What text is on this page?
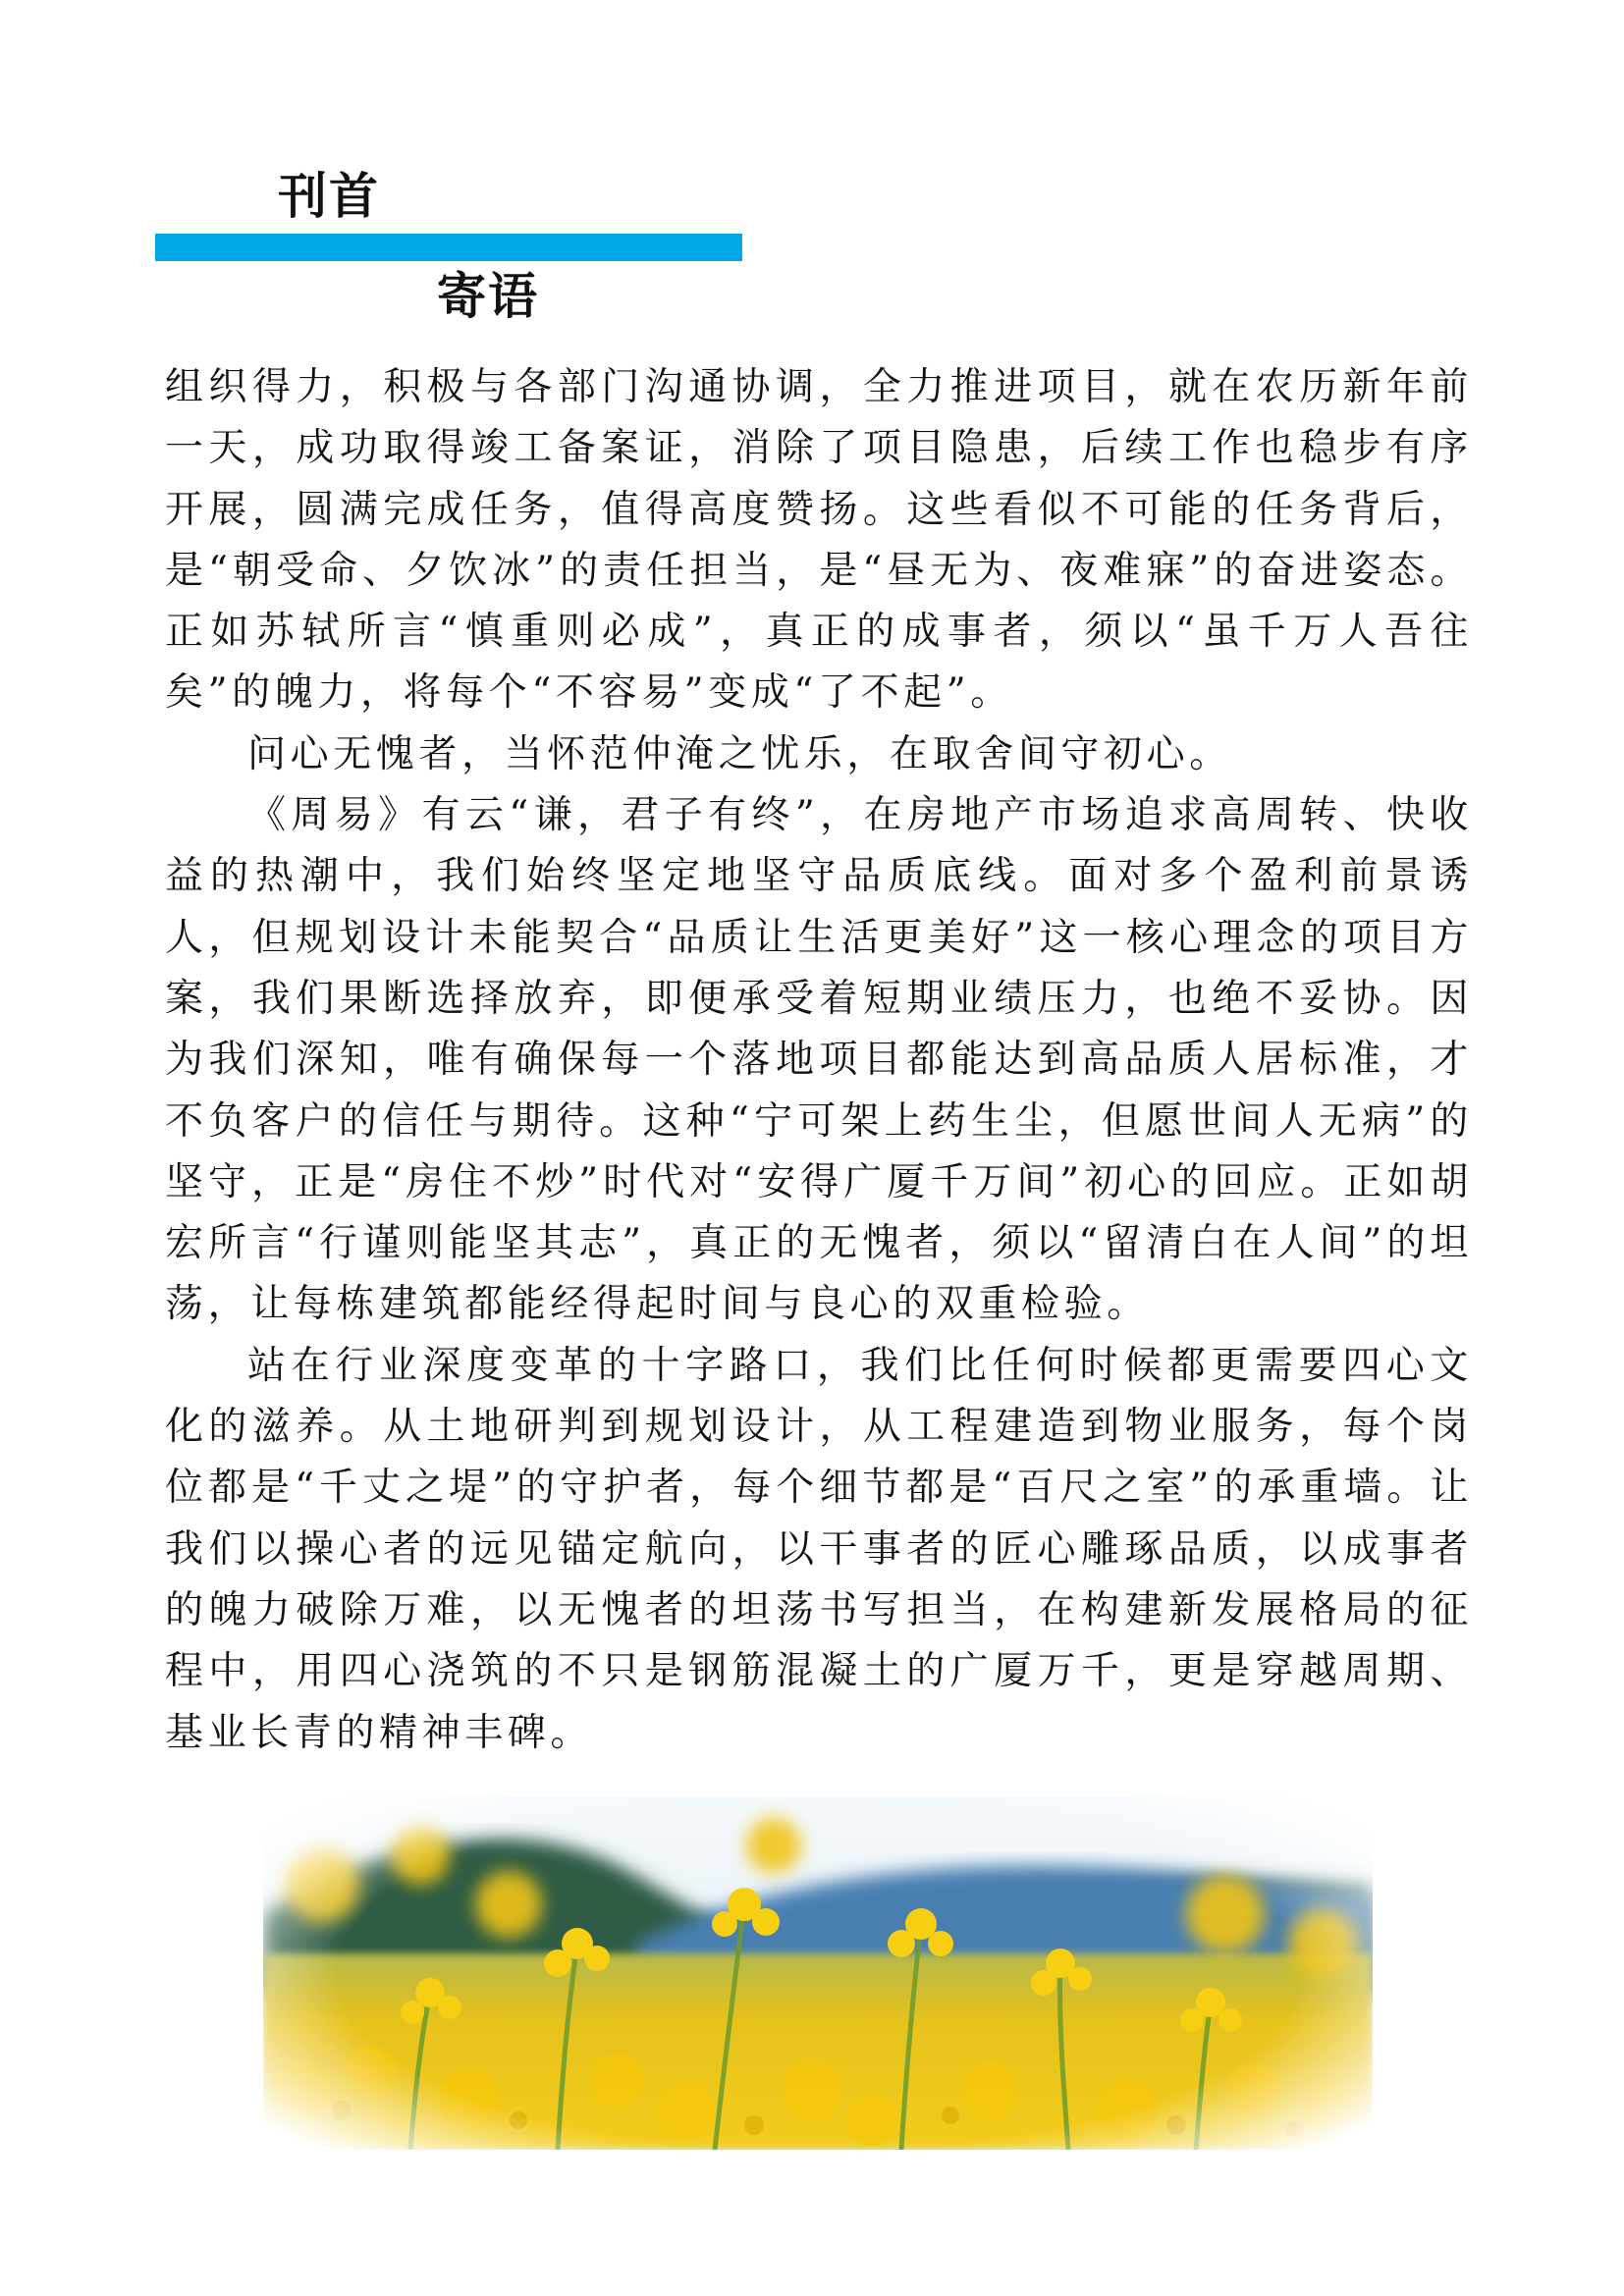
刊首
寄语

组织得力，积极与各部门沟通协调，全力推进项目，就在农历新年前一天，成功取得竣工备案证，消除了项目隐患，后续工作也稳步有序开展，圆满完成任务，值得高度赞扬。这些看似不可能的任务背后，是“朝受命、夕饮冰”的责任担当，是“昼无为、夜难寐”的奋进姿态。正如苏轼所言“慎重则必成”，真正的成事者，须以“虽千万人吾往矣”的魄力，将每个“不容易”变成“了不起”。

问心无愧者，当怀范仲淹之忧乐，在取舍间守初心。

《周易》有云“谦，君子有终”，在房地产市场追求高周转、快收益的热潮中，我们始终坚定地坚守品质底线。面对多个盈利前景诱人，但规划设计未能契合“品质让生活更美好”这一核心理念的项目方案，我们果断选择放弃，即便承受着短期业绩压力，也绝不妥协。因为我们深知，唯有确保每一个落地项目都能达到高品质人居标准，才不负客户的信任与期待。这种“宁可架上药生尘，但愿世间人无病”的坚守，正是“房住不炒”时代对“安得广厦千万间”初心的回应。正如胡宏所言“行谨则能坚其志”，真正的无愧者，须以“留清白在人间”的坦荡，让每栋建筑都能经得起时间与良心的双重检验。

站在行业深度变革的十字路口，我们比任何时候都更需要四心文化的滋养。从土地研判到规划设计，从工程建造到物业服务，每个岗位都是“千丈之堤”的守护者，每个细节都是“百尺之室”的承重墙。让我们以操心者的远见锚定航向，以干事者的匠心雕琢品质，以成事者的魄力破除万难，以无愧者的坦荡书写担当，在构建新发展格局的征程中，用四心浇筑的不只是钢筋混凝土的广厦万千，更是穿越周期、基业长青的精神丰碑。
